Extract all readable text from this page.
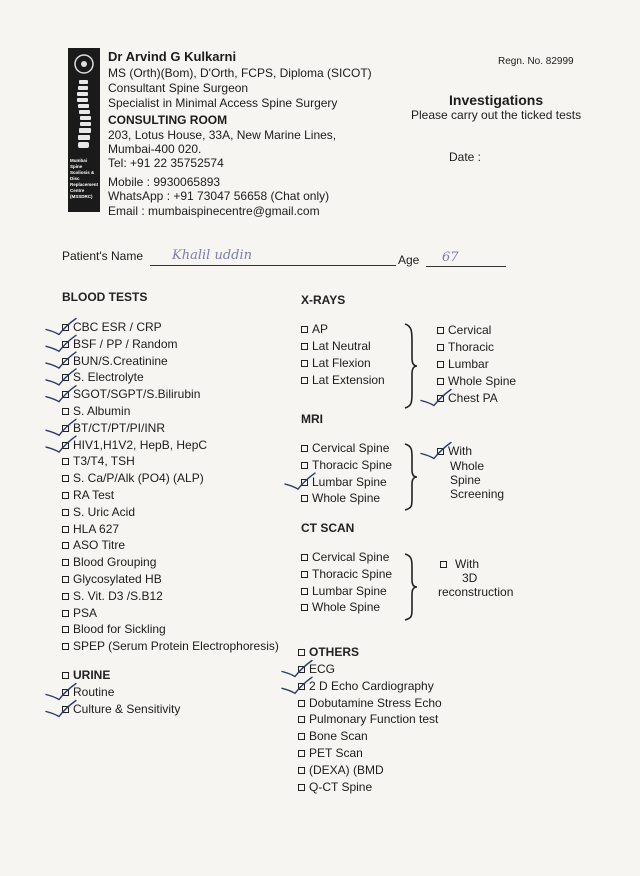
Mumbai
Spine
Scoliosis &
Disc
Replacement
Centre
(MSSDRC)
Dr Arvind G Kulkarni
MS (Orth)(Bom), D'Orth, FCPS, Diploma (SICOT)
Consultant Spine Surgeon
Specialist in Minimal Access Spine Surgery
CONSULTING ROOM
203, Lotus House, 33A, New Marine Lines,
Mumbai-400 020.
Tel: +91 22 35752574
Mobile : 9930065893
WhatsApp : +91 73047 56658 (Chat only)
Email : mumbaispinecentre@gmail.com
Regn. No. 82999
Investigations
Please carry out the ticked tests
Date :
Patient's Name Khalil uddin	Age 67
BLOOD TESTS
CBC ESR / CRP
BSF / PP / Random
BUN/S.Creatinine
S. Electrolyte
SGOT/SGPT/S.Bilirubin
S. Albumin
BT/CT/PT/PI/INR
HIV1,H1V2, HepB, HepC
T3/T4, TSH
S. Ca/P/Alk (PO4) (ALP)
RA Test
S. Uric Acid
HLA 627
ASO Titre
Blood Grouping
Glycosylated HB
S. Vit. D3 /S.B12
PSA
Blood for Sickling
SPEP (Serum Protein Electrophoresis)
URINE
Routine
Culture & Sensitivity
X-RAYS
AP
Lat Neutral
Lat Flexion
Lat Extension
Cervical
Thoracic
Lumbar
Whole Spine
Chest PA
MRI
Cervical Spine
Thoracic Spine
Lumbar Spine
Whole Spine
With
Whole
Spine
Screening
CT SCAN
Cervical Spine
Thoracic Spine
Lumbar Spine
Whole Spine
With
3D
reconstruction
OTHERS
ECG
2 D Echo Cardiography
Dobutamine Stress Echo
Pulmonary Function test
Bone Scan
PET Scan
(DEXA) (BMD
Q-CT Spine
